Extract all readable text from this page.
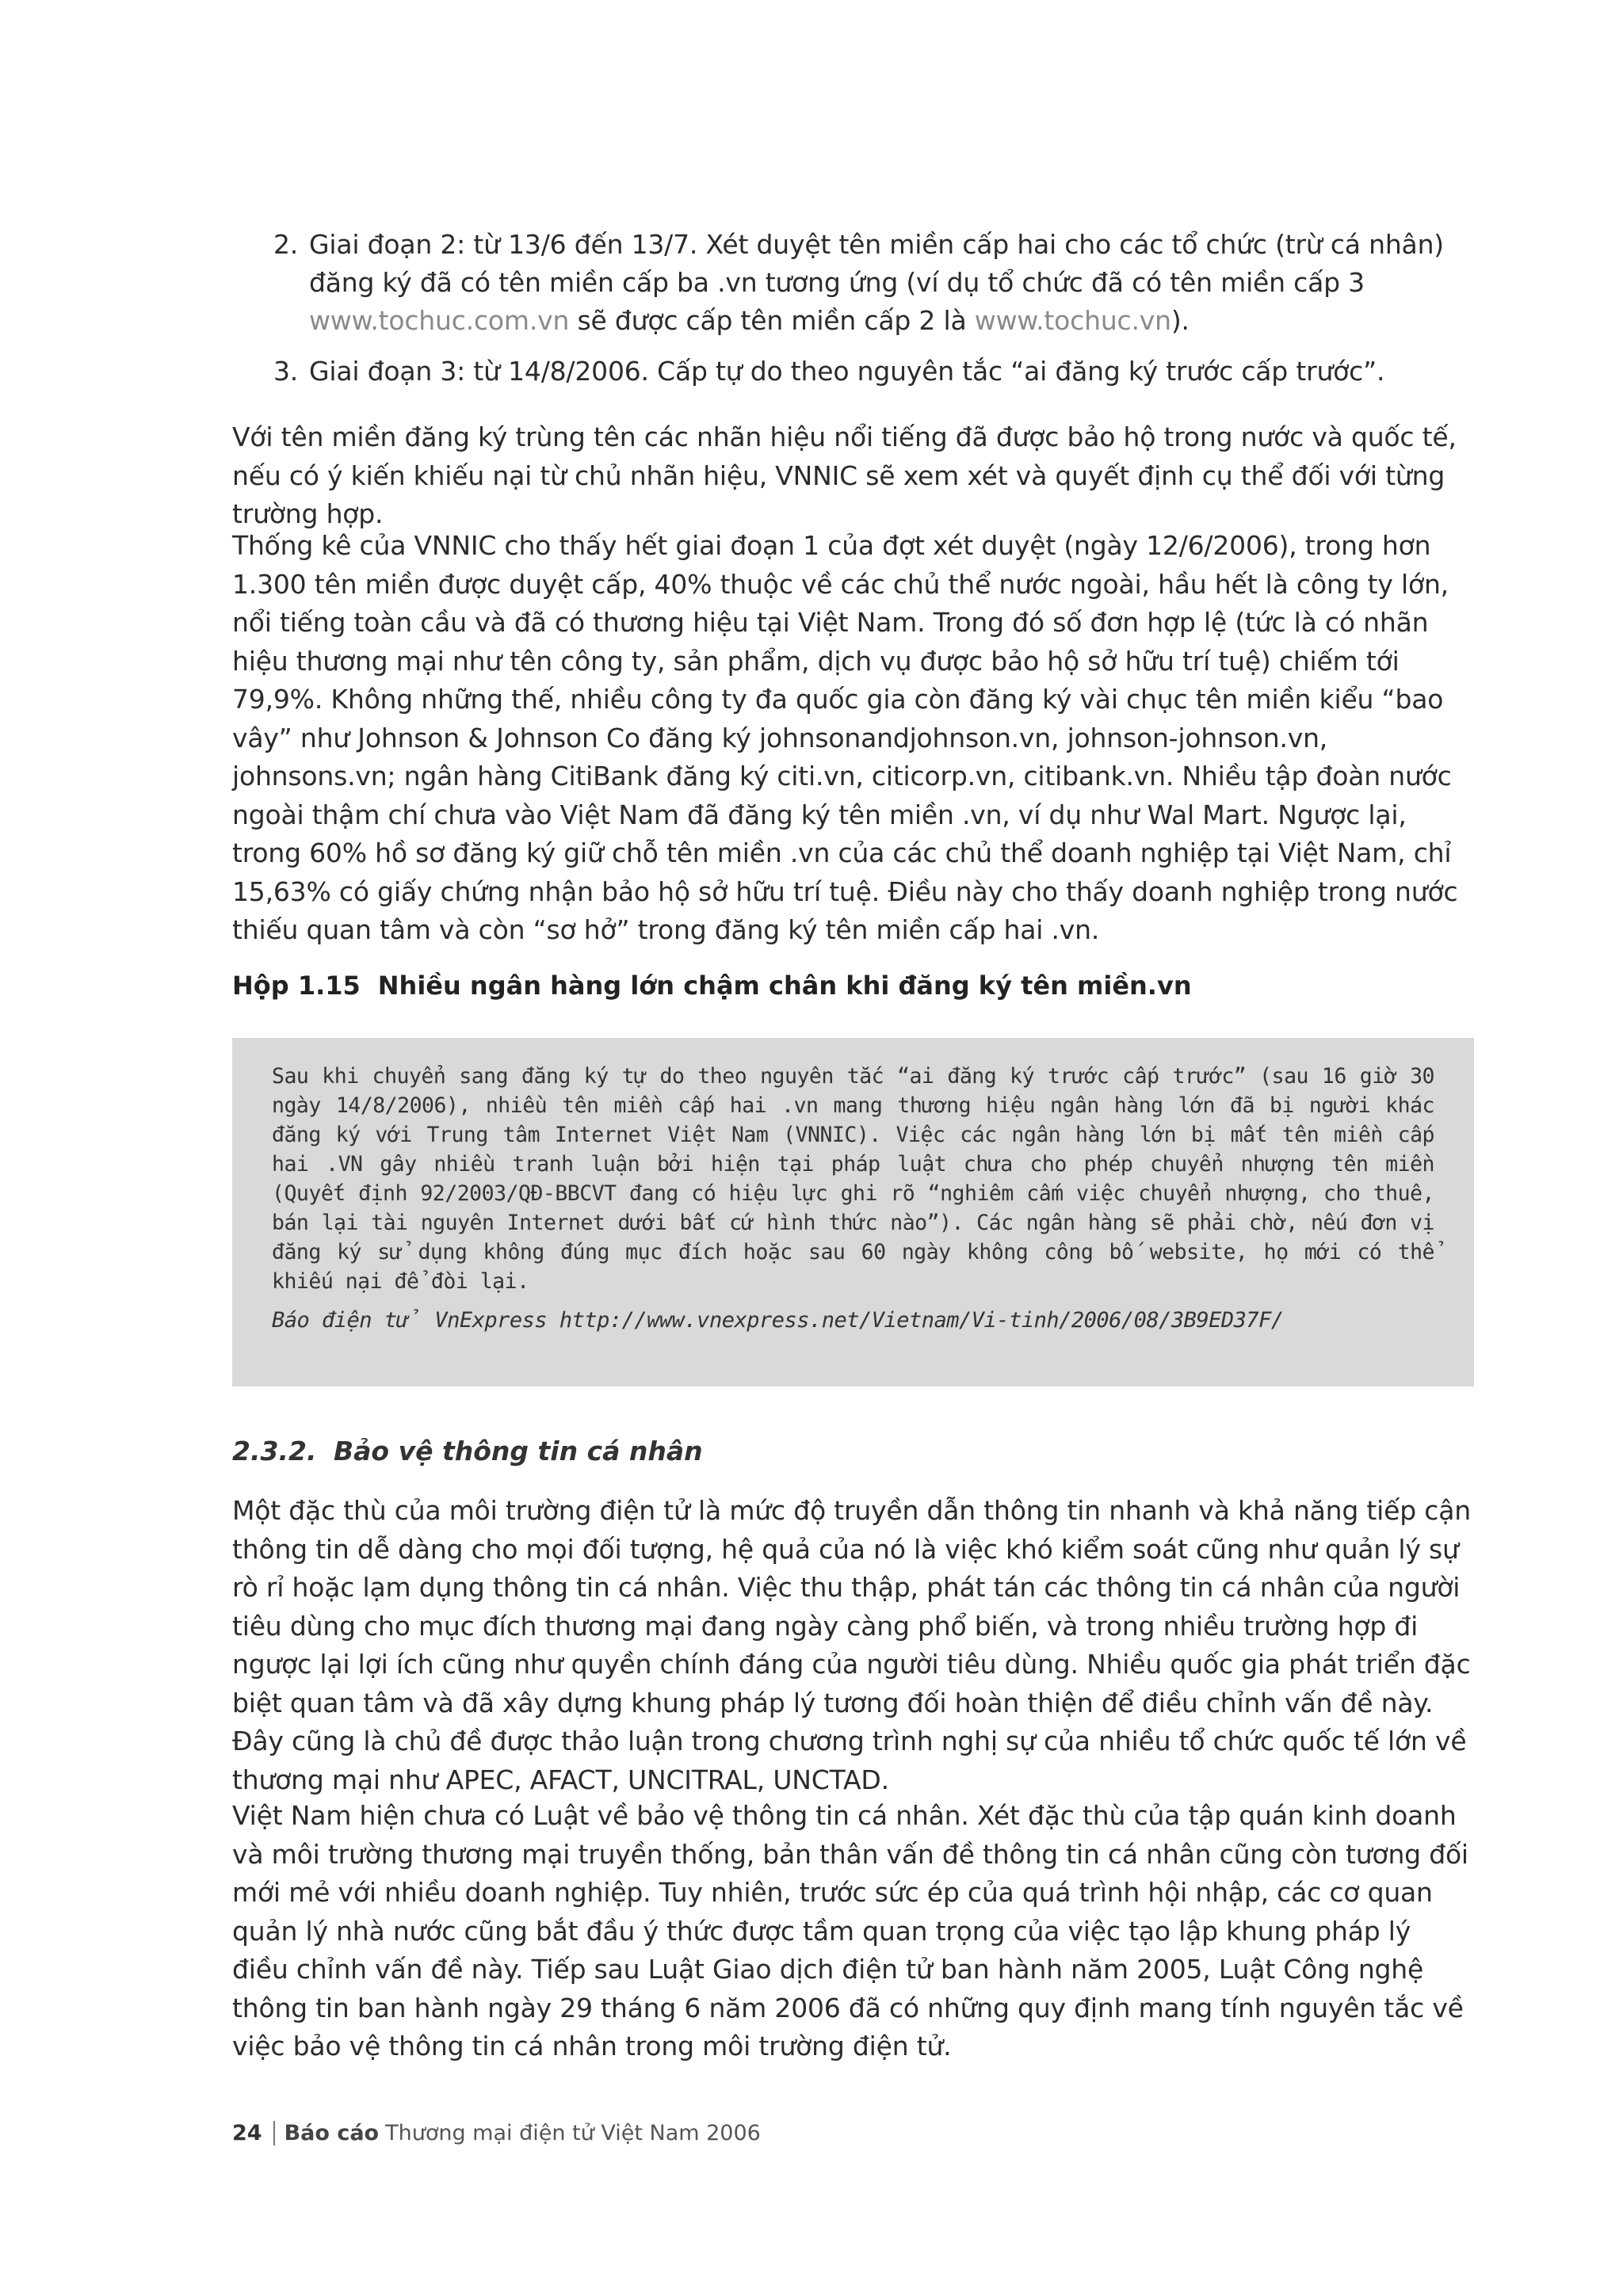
2. Giai đoạn 2: từ 13/6 đến 13/7. Xét duyệt tên miền cấp hai cho các tổ chức (trừ cá nhân) đăng ký đã có tên miền cấp ba .vn tương ứng (ví dụ tổ chức đã có tên miền cấp 3 www.tochuc.com.vn sẽ được cấp tên miền cấp 2 là www.tochuc.vn).
3. Giai đoạn 3: từ 14/8/2006. Cấp tự do theo nguyên tắc “ai đăng ký trước cấp trước”.

Với tên miền đăng ký trùng tên các nhãn hiệu nổi tiếng đã được bảo hộ trong nước và quốc tế, nếu có ý kiến khiếu nại từ chủ nhãn hiệu, VNNIC sẽ xem xét và quyết định cụ thể đối với từng trường hợp.

Thống kê của VNNIC cho thấy hết giai đoạn 1 của đợt xét duyệt (ngày 12/6/2006), trong hơn 1.300 tên miền được duyệt cấp, 40% thuộc về các chủ thể nước ngoài, hầu hết là công ty lớn, nổi tiếng toàn cầu và đã có thương hiệu tại Việt Nam. Trong đó số đơn hợp lệ (tức là có nhãn hiệu thương mại như tên công ty, sản phẩm, dịch vụ được bảo hộ sở hữu trí tuệ) chiếm tới 79,9%. Không những thế, nhiều công ty đa quốc gia còn đăng ký vài chục tên miền kiểu “bao vây” như Johnson & Johnson Co đăng ký johnsonandjohnson.vn, johnson-johnson.vn, johnsons.vn; ngân hàng CitiBank đăng ký citi.vn, citicorp.vn, citibank.vn. Nhiều tập đoàn nước ngoài thậm chí chưa vào Việt Nam đã đăng ký tên miền .vn, ví dụ như Wal Mart. Ngược lại, trong 60% hồ sơ đăng ký giữ chỗ tên miền .vn của các chủ thể doanh nghiệp tại Việt Nam, chỉ 15,63% có giấy chứng nhận bảo hộ sở hữu trí tuệ. Điều này cho thấy doanh nghiệp trong nước thiếu quan tâm và còn “sơ hở” trong đăng ký tên miền cấp hai .vn.

Hộp 1.15 Nhiều ngân hàng lớn chậm chân khi đăng ký tên miền.vn

Sau khi chuyển sang đăng ký tự do theo nguyên tắc “ai đăng ký trước cấp trước” (sau 16 giờ 30 ngày 14/8/2006), nhiều tên miền cấp hai .vn mang thương hiệu ngân hàng lớn đã bị người khác đăng ký với Trung tâm Internet Việt Nam (VNNIC). Việc các ngân hàng lớn bị mất tên miền cấp hai .VN gây nhiều tranh luận bởi hiện tại pháp luật chưa cho phép chuyển nhượng tên miền (Quyết định 92/2003/QĐ-BBCVT đang có hiệu lực ghi rõ “nghiêm cấm việc chuyển nhượng, cho thuê, bán lại tài nguyên Internet dưới bất cứ hình thức nào”). Các ngân hàng sẽ phải chờ, nếu đơn vị đăng ký sử dụng không đúng mục đích hoặc sau 60 ngày không công bố website, họ mới có thể khiếu nại để đòi lại.

Báo điện tử VnExpress http://www.vnexpress.net/Vietnam/Vi-tinh/2006/08/3B9ED37F/

2.3.2. Bảo vệ thông tin cá nhân

Một đặc thù của môi trường điện tử là mức độ truyền dẫn thông tin nhanh và khả năng tiếp cận thông tin dễ dàng cho mọi đối tượng, hệ quả của nó là việc khó kiểm soát cũng như quản lý sự rò rỉ hoặc lạm dụng thông tin cá nhân. Việc thu thập, phát tán các thông tin cá nhân của người tiêu dùng cho mục đích thương mại đang ngày càng phổ biến, và trong nhiều trường hợp đi ngược lại lợi ích cũng như quyền chính đáng của người tiêu dùng. Nhiều quốc gia phát triển đặc biệt quan tâm và đã xây dựng khung pháp lý tương đối hoàn thiện để điều chỉnh vấn đề này. Đây cũng là chủ đề được thảo luận trong chương trình nghị sự của nhiều tổ chức quốc tế lớn về thương mại như APEC, AFACT, UNCITRAL, UNCTAD.

Việt Nam hiện chưa có Luật về bảo vệ thông tin cá nhân. Xét đặc thù của tập quán kinh doanh và môi trường thương mại truyền thống, bản thân vấn đề thông tin cá nhân cũng còn tương đối mới mẻ với nhiều doanh nghiệp. Tuy nhiên, trước sức ép của quá trình hội nhập, các cơ quan quản lý nhà nước cũng bắt đầu ý thức được tầm quan trọng của việc tạo lập khung pháp lý điều chỉnh vấn đề này. Tiếp sau Luật Giao dịch điện tử ban hành năm 2005, Luật Công nghệ thông tin ban hành ngày 29 tháng 6 năm 2006 đã có những quy định mang tính nguyên tắc về việc bảo vệ thông tin cá nhân trong môi trường điện tử.

24	Báo cáo Thương mại điện tử Việt Nam 2006
